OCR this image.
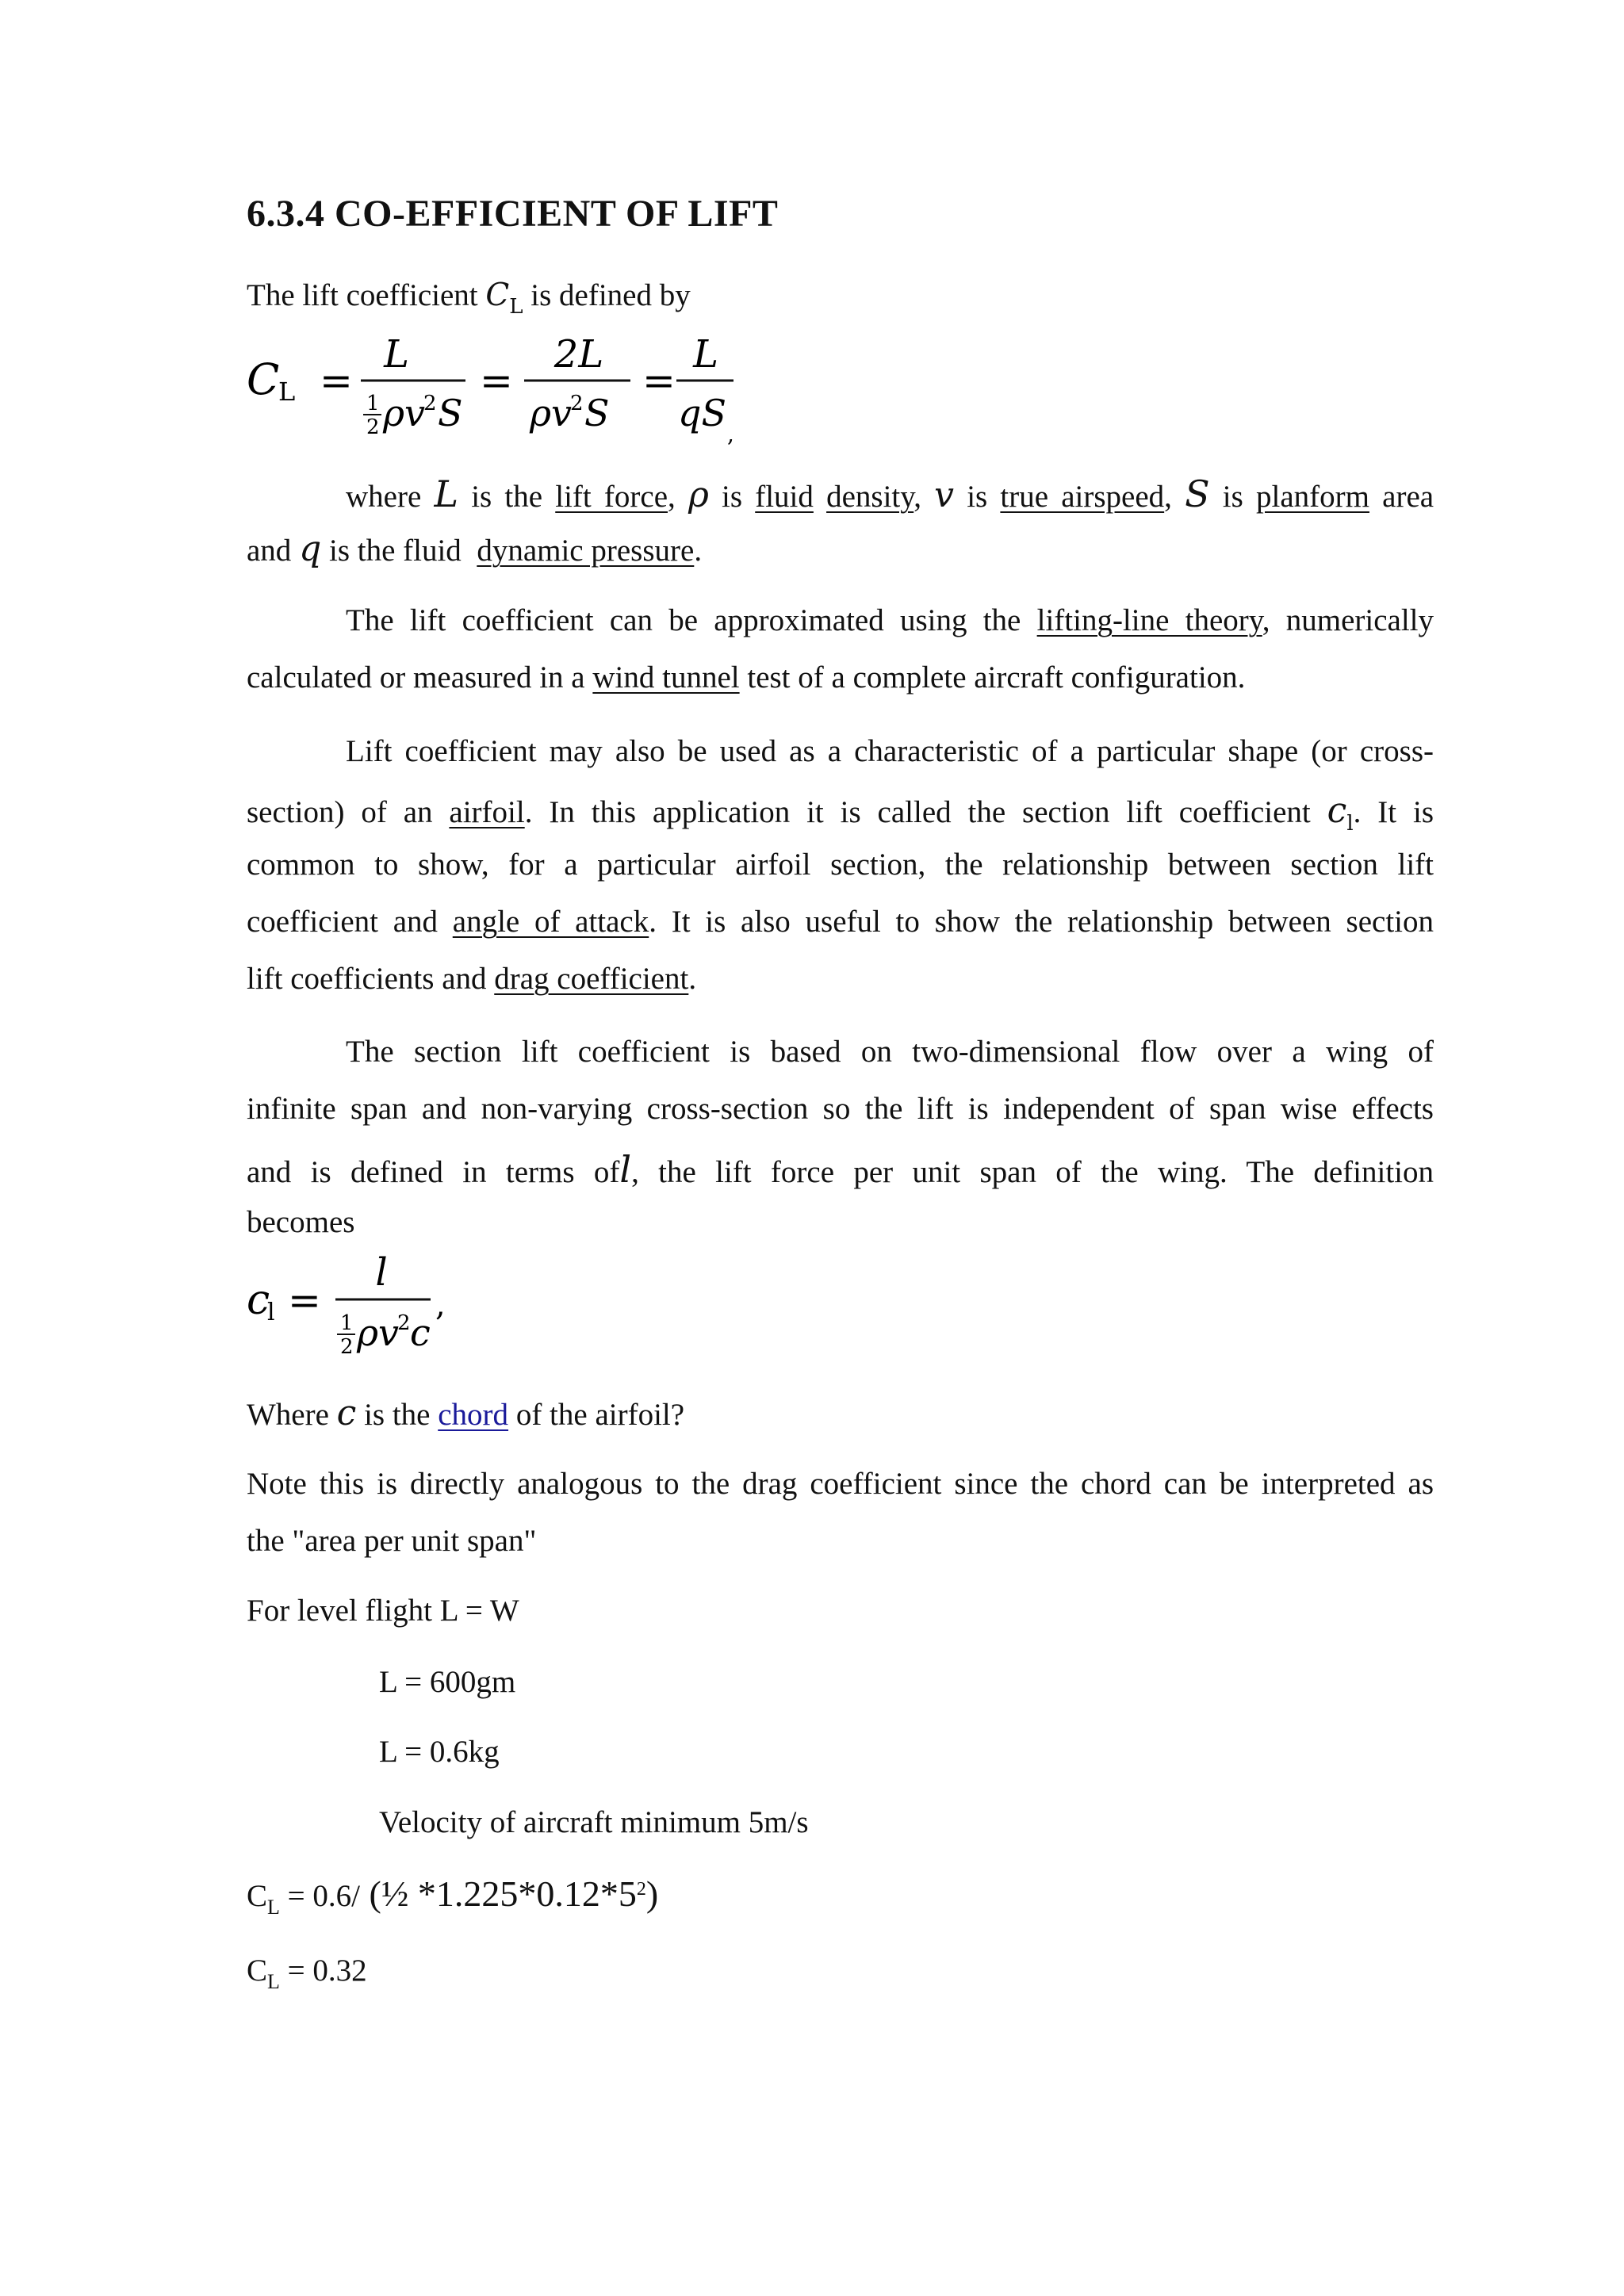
6.3.4 CO-EFFICIENT OF LIFT
The lift coefficient $C_L$ is defined by
C
L =
L
1
2 ρv
2 S
=
2L
ρv
2 S
=
L
qS ,
where L is the lift force, ρ is fluid density, v is true airspeed, S is planform area
and q is the fluid dynamic pressure.
The lift coefficient can be approximated using the lifting-line theory, numerically
calculated or measured in a wind tunnel test of a complete aircraft configuration.
Lift coefficient may also be used as a characteristic of a particular shape (or cross-
section) of an airfoil. In this application it is called the section lift coefficient $c_l$. It is
common to show, for a particular airfoil section, the relationship between section lift
coefficient and angle of attack. It is also useful to show the relationship between section
lift coefficients and drag coefficient.
The section lift coefficient is based on two-dimensional flow over a wing of
infinite span and non-varying cross-section so the lift is independent of span wise effects
and is defined in terms ofl, the lift force per unit span of the wing. The definition
becomes
c
l =
l
1
2 ρv
2 c
,
Where c is the chord of the airfoil?
Note this is directly analogous to the drag coefficient since the chord can be interpreted as
the "area per unit span"
For level flight L = W
L = 600gm
L = 0.6kg
Velocity of aircraft minimum 5m/s
$C_L = 0.6/$ (½ $*1.225*0.12*5^2$)
$C_L = 0.32$
